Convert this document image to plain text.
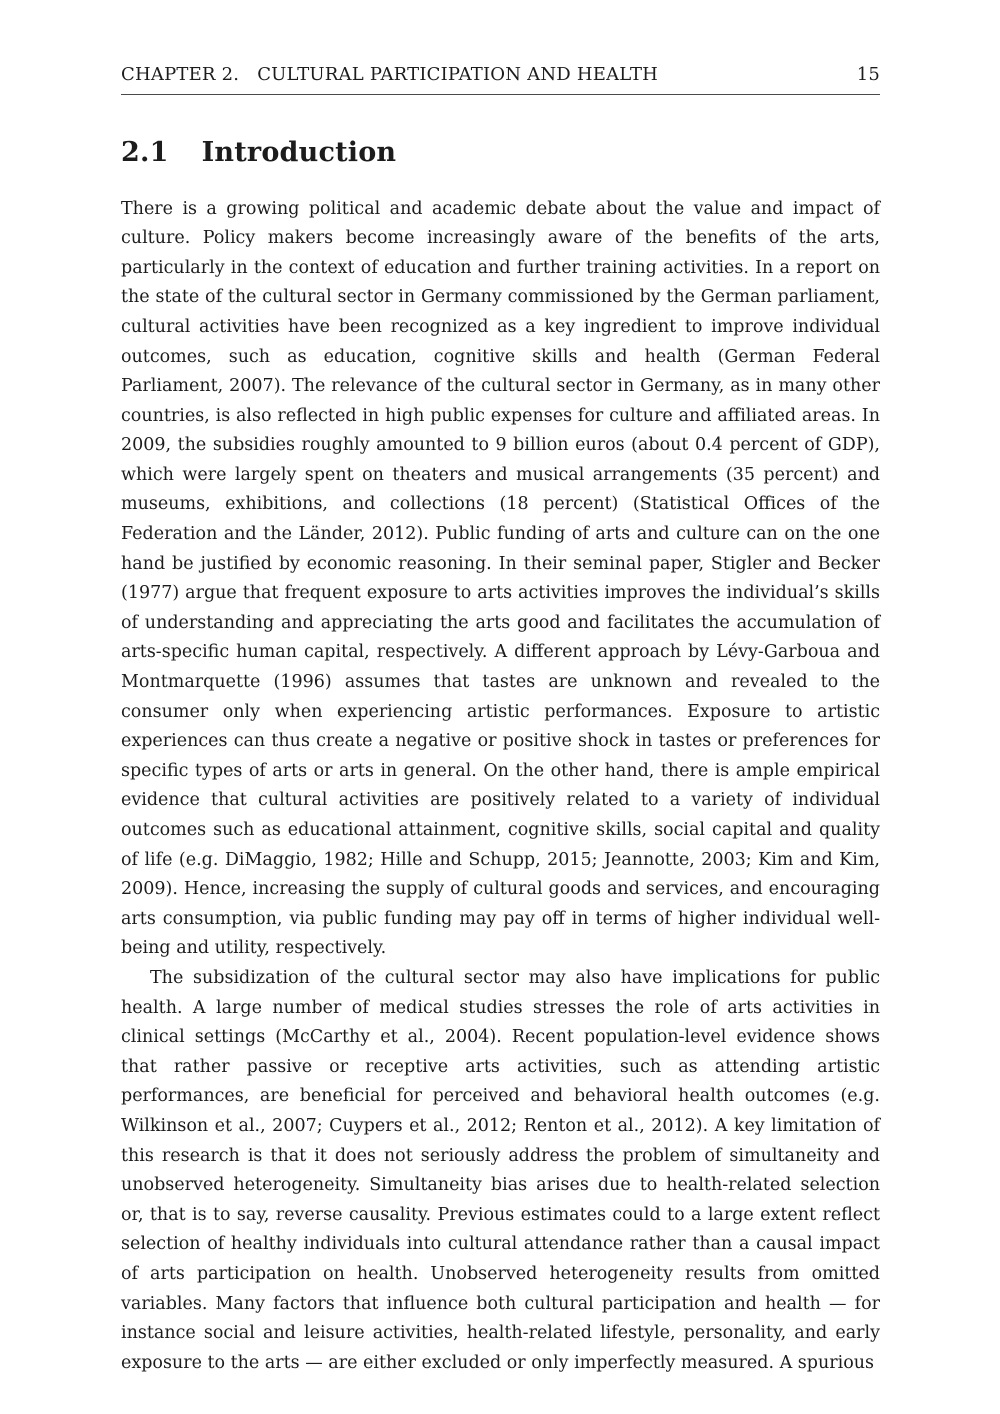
CHAPTER 2. CULTURAL PARTICIPATION AND HEALTH	15
2.1 Introduction

There is a growing political and academic debate about the value and impact of culture. Policy makers become increasingly aware of the benefits of the arts, particularly in the context of education and further training activities. In a report on the state of the cultural sector in Germany commissioned by the German parliament, cultural activities have been recognized as a key ingredient to improve individual outcomes, such as education, cognitive skills and health (German Federal Parliament, 2007). The relevance of the cultural sector in Germany, as in many other countries, is also reflected in high public expenses for culture and affiliated areas. In 2009, the subsidies roughly amounted to 9 billion euros (about 0.4 percent of GDP), which were largely spent on theaters and musical arrangements (35 percent) and museums, exhibitions, and collections (18 percent) (Statistical Offices of the Federation and the Länder, 2012). Public funding of arts and culture can on the one hand be justified by economic reasoning. In their seminal paper, Stigler and Becker (1977) argue that frequent exposure to arts activities improves the individual’s skills of understanding and appreciating the arts good and facilitates the accumulation of arts-specific human capital, respectively. A different approach by Lévy-Garboua and Montmarquette (1996) assumes that tastes are unknown and revealed to the consumer only when experiencing artistic performances. Exposure to artistic experiences can thus create a negative or positive shock in tastes or preferences for specific types of arts or arts in general. On the other hand, there is ample empirical evidence that cultural activities are positively related to a variety of individual outcomes such as educational attainment, cognitive skills, social capital and quality of life (e.g. DiMaggio, 1982; Hille and Schupp, 2015; Jeannotte, 2003; Kim and Kim, 2009). Hence, increasing the supply of cultural goods and services, and encouraging arts consumption, via public funding may pay off in terms of higher individual well-being and utility, respectively.

The subsidization of the cultural sector may also have implications for public health. A large number of medical studies stresses the role of arts activities in clinical settings (McCarthy et al., 2004). Recent population-level evidence shows that rather passive or receptive arts activities, such as attending artistic performances, are beneficial for perceived and behavioral health outcomes (e.g. Wilkinson et al., 2007; Cuypers et al., 2012; Renton et al., 2012). A key limitation of this research is that it does not seriously address the problem of simultaneity and unobserved heterogeneity. Simultaneity bias arises due to health-related selection or, that is to say, reverse causality. Previous estimates could to a large extent reflect selection of healthy individuals into cultural attendance rather than a causal impact of arts participation on health. Unobserved heterogeneity results from omitted variables. Many factors that influence both cultural participation and health — for instance social and leisure activities, health-related lifestyle, personality, and early exposure to the arts — are either excluded or only imperfectly measured. A spurious
